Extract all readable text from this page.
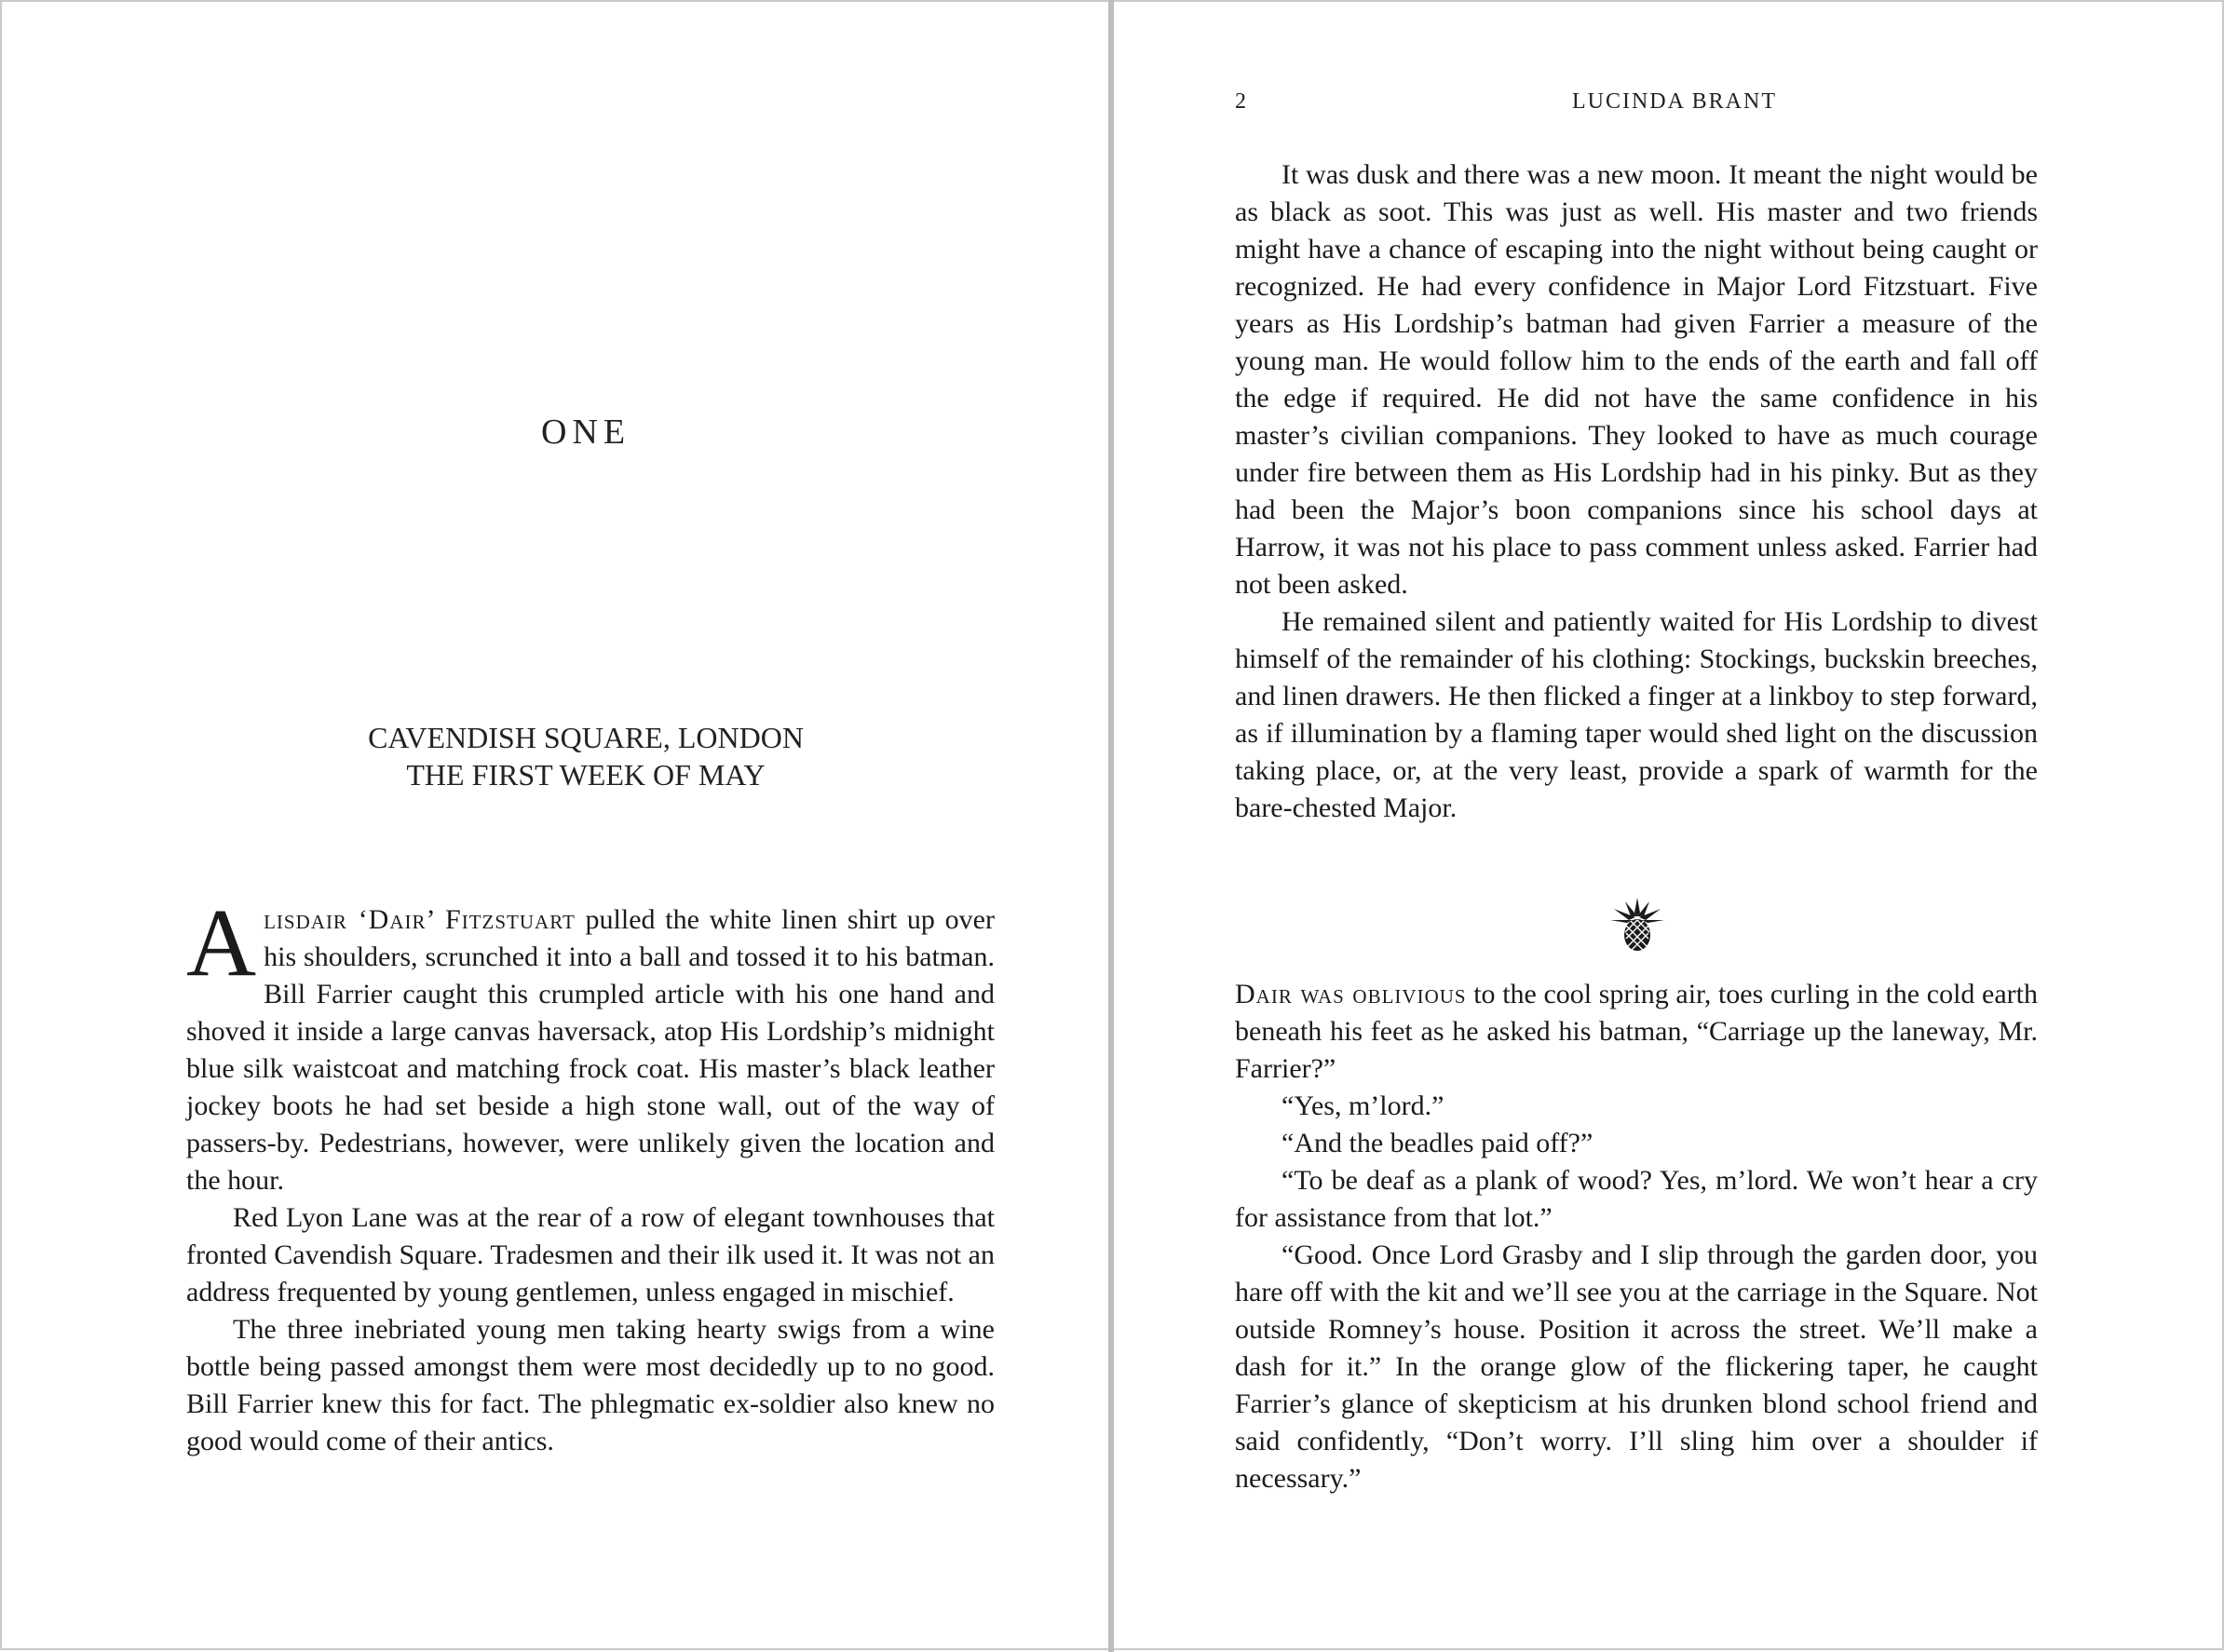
ONE
CAVENDISH SQUARE, LONDON
THE FIRST WEEK OF MAY

Alisdair ‘Dair’ Fitzstuart pulled the white linen shirt up over his shoulders, scrunched it into a ball and tossed it to his batman. Bill Farrier caught this crumpled article with his one hand and shoved it inside a large canvas haversack, atop His Lordship’s midnight blue silk waistcoat and matching frock coat. His master’s black leather jockey boots he had set beside a high stone wall, out of the way of passers-by. Pedestrians, however, were unlikely given the location and the hour.

Red Lyon Lane was at the rear of a row of elegant townhouses that fronted Cavendish Square. Tradesmen and their ilk used it. It was not an address frequented by young gentlemen, unless engaged in mischief.

The three inebriated young men taking hearty swigs from a wine bottle being passed amongst them were most decidedly up to no good. Bill Farrier knew this for fact. The phlegmatic ex-soldier also knew no good would come of their antics.

2	LUCINDA BRANT

It was dusk and there was a new moon. It meant the night would be as black as soot. This was just as well. His master and two friends might have a chance of escaping into the night without being caught or recognized. He had every confidence in Major Lord Fitzstuart. Five years as His Lordship’s batman had given Farrier a measure of the young man. He would follow him to the ends of the earth and fall off the edge if required. He did not have the same confidence in his master’s civilian companions. They looked to have as much courage under fire between them as His Lordship had in his pinky. But as they had been the Major’s boon companions since his school days at Harrow, it was not his place to pass comment unless asked. Farrier had not been asked.

He remained silent and patiently waited for His Lordship to divest himself of the remainder of his clothing: Stockings, buckskin breeches, and linen drawers. He then flicked a finger at a linkboy to step forward, as if illumination by a flaming taper would shed light on the discussion taking place, or, at the very least, provide a spark of warmth for the bare-chested Major.

Dair was oblivious to the cool spring air, toes curling in the cold earth beneath his feet as he asked his batman, “Carriage up the laneway, Mr. Farrier?”

“Yes, m’lord.”

“And the beadles paid off?”

“To be deaf as a plank of wood? Yes, m’lord. We won’t hear a cry for assistance from that lot.”

“Good. Once Lord Grasby and I slip through the garden door, you hare off with the kit and we’ll see you at the carriage in the Square. Not outside Romney’s house. Position it across the street. We’ll make a dash for it.” In the orange glow of the flickering taper, he caught Farrier’s glance of skepticism at his drunken blond school friend and said confidently, “Don’t worry. I’ll sling him over a shoulder if necessary.”
